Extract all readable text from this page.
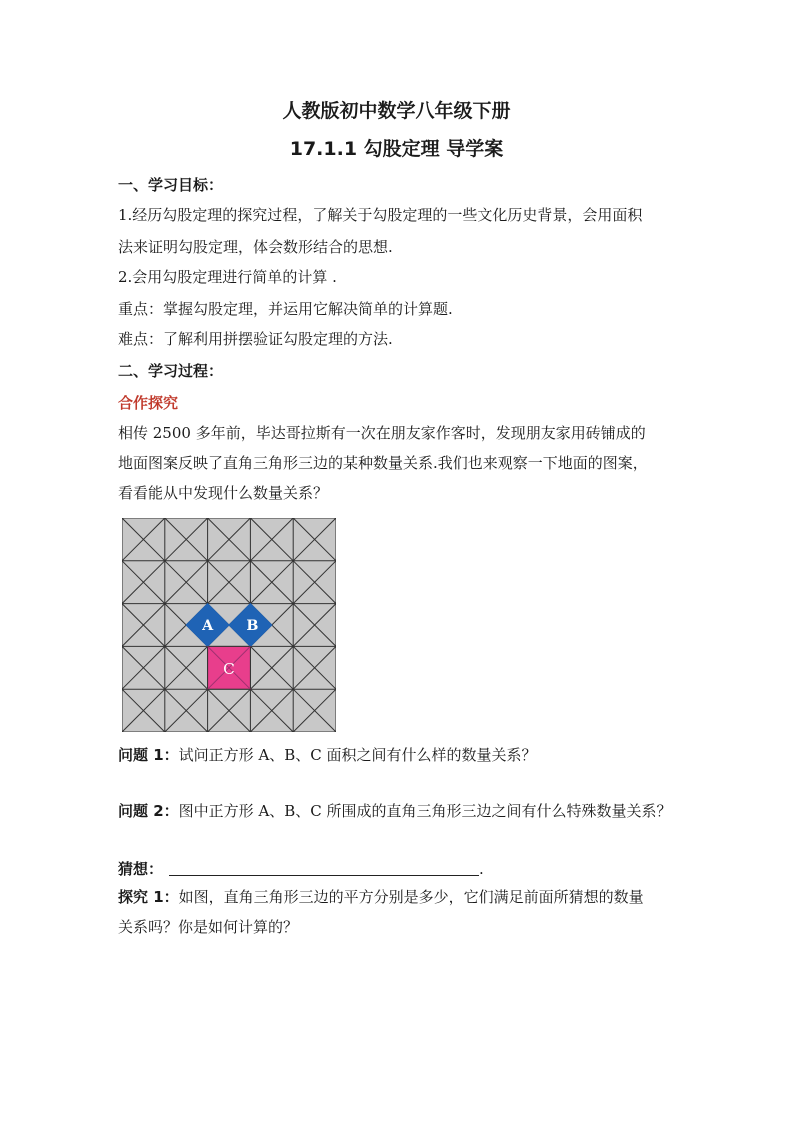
人教版初中数学八年级下册
17.1.1 勾股定理 导学案

一、学习目标：

1.经历勾股定理的探究过程，了解关于勾股定理的一些文化历史背景，会用面积

法来证明勾股定理，体会数形结合的思想.

2.会用勾股定理进行简单的计算 .

重点：掌握勾股定理，并运用它解决简单的计算题.

难点：了解利用拼摆验证勾股定理的方法.

二、学习过程：

合作探究

相传 2500 多年前，毕达哥拉斯有一次在朋友家作客时，发现朋友家用砖铺成的

地面图案反映了直角三角形三边的某种数量关系.我们也来观察一下地面的图案，

看看能从中发现什么数量关系？

A B
C

问题 1：试问正方形 A、B、C 面积之间有什么样的数量关系？

问题 2：图中正方形 A、B、C 所围成的直角三角形三边之间有什么特殊数量关系？

猜想：	.

探究 1：如图，直角三角形三边的平方分别是多少，它们满足前面所猜想的数量

关系吗？你是如何计算的？
